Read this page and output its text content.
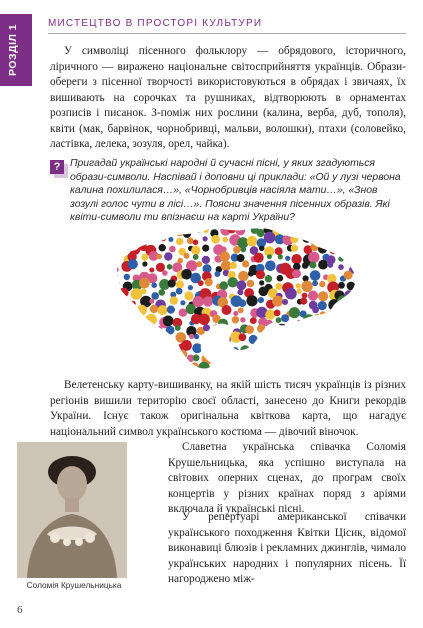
РОЗДІЛ 1
МИСТЕЦТВО В ПРОСТОРІ КУЛЬТУРИ

У символіці пісенного фольклору — обрядового, історичного, ліричного — виражено національне світосприйняття українців. Образи-обереги з пісенної творчості використовуються в обрядах і звичаях, їх вишивають на сорочках та рушниках, відтворюють в орнаментах розписів і писанок. З-поміж них рослини (калина, верба, дуб, тополя), квіти (мак, барвінок, чорнобривці, мальви, волошки), птахи (соловейко, ластівка, лелека, зозуля, орел, чайка).

? Пригадай українські народні й сучасні пісні, у яких згадуються образи-символи. Наспівай і доповни ці приклади: «Ой у лузі червона калина похилилася…», «Чорнобривців насіяла мати…», «Знов зозулі голос чути в лісі…». Поясни значення пісенних образів. Які квіти-символи ти впізнаєш на карті України?

Велетенську карту-вишиванку, на якій шість тисяч українців із різних регіонів вишили територію своєї області, занесено до Книги рекордів України. Існує також оригінальна квіткова карта, що нагадує національний символ українського костюма — дівочий віночок.

Соломія Крушельницька

Славетна українська співачка Соломія Крушельницька, яка успішно виступала на світових оперних сценах, до програм своїх концертів у різних країнах поряд з аріями включала й українські пісні.

У репертуарі американської співачки українського походження Квітки Цісик, відомої виконавиці блюзів і рекламних джинглів, чимало українських народних і популярних пісень. Її нагороджено між-

6
